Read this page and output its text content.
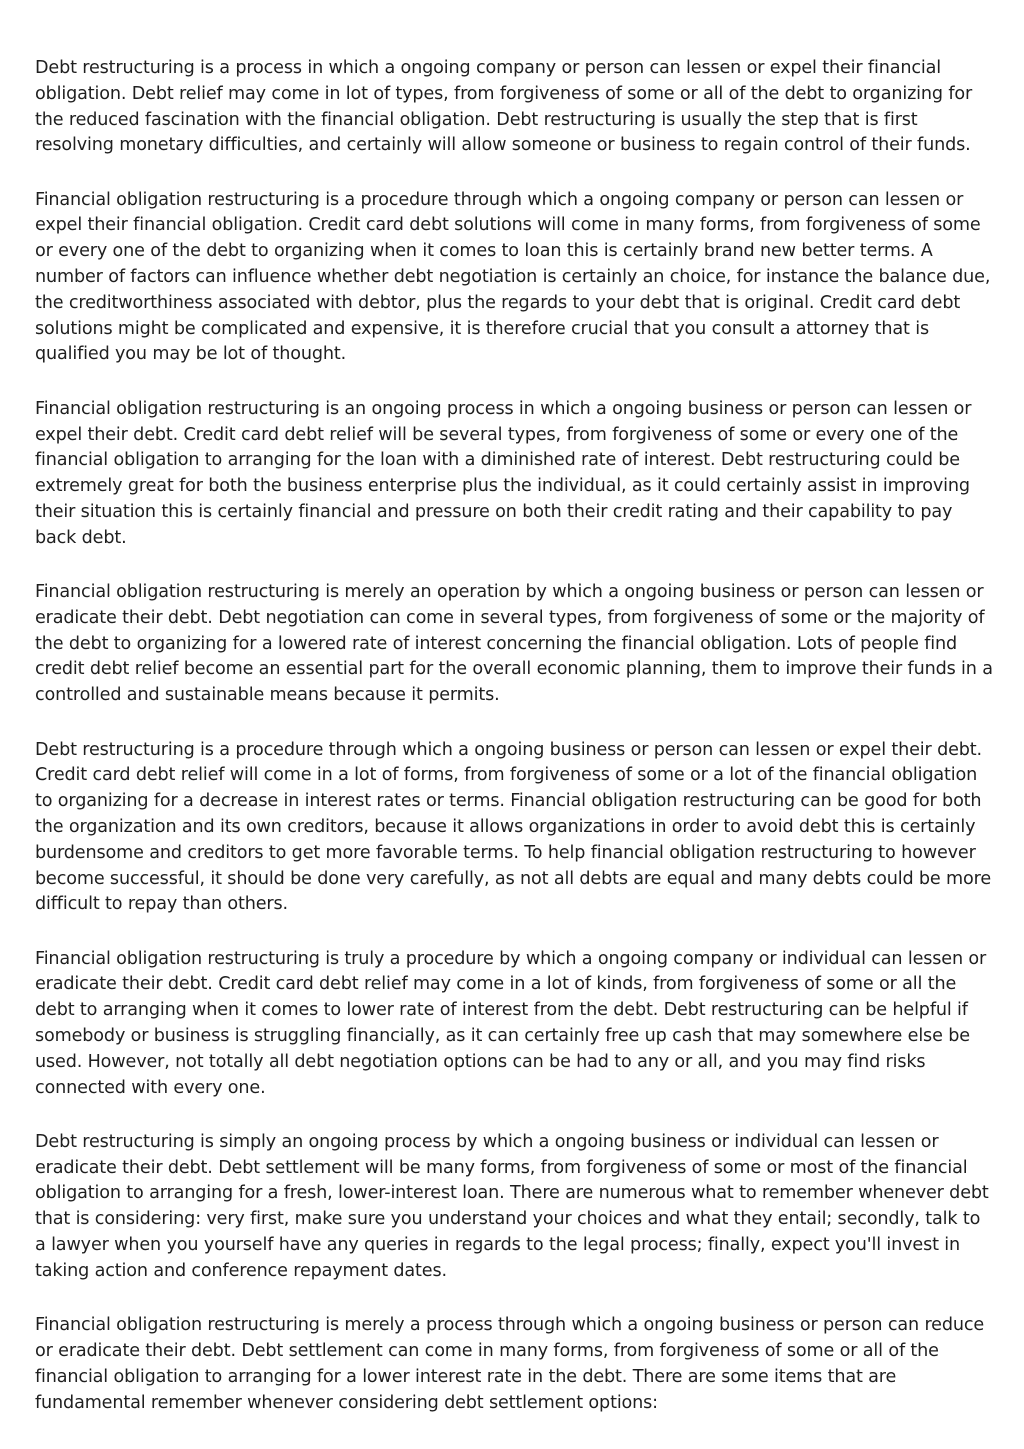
Debt restructuring is a process in which a ongoing company or person can lessen or expel their financial obligation. Debt relief may come in lot of types, from forgiveness of some or all of the debt to organizing for the reduced fascination with the financial obligation. Debt restructuring is usually the step that is first resolving monetary difficulties, and certainly will allow someone or business to regain control of their funds.

Financial obligation restructuring is a procedure through which a ongoing company or person can lessen or expel their financial obligation. Credit card debt solutions will come in many forms, from forgiveness of some or every one of the debt to organizing when it comes to loan this is certainly brand new better terms. A number of factors can influence whether debt negotiation is certainly an choice, for instance the balance due, the creditworthiness associated with debtor, plus the regards to your debt that is original. Credit card debt solutions might be complicated and expensive, it is therefore crucial that you consult a attorney that is qualified you may be lot of thought.

Financial obligation restructuring is an ongoing process in which a ongoing business or person can lessen or expel their debt. Credit card debt relief will be several types, from forgiveness of some or every one of the financial obligation to arranging for the loan with a diminished rate of interest. Debt restructuring could be extremely great for both the business enterprise plus the individual, as it could certainly assist in improving their situation this is certainly financial and pressure on both their credit rating and their capability to pay back debt.

Financial obligation restructuring is merely an operation by which a ongoing business or person can lessen or eradicate their debt. Debt negotiation can come in several types, from forgiveness of some or the majority of the debt to organizing for a lowered rate of interest concerning the financial obligation. Lots of people find credit debt relief become an essential part for the overall economic planning, them to improve their funds in a controlled and sustainable means because it permits.

Debt restructuring is a procedure through which a ongoing business or person can lessen or expel their debt. Credit card debt relief will come in a lot of forms, from forgiveness of some or a lot of the financial obligation to organizing for a decrease in interest rates or terms. Financial obligation restructuring can be good for both the organization and its own creditors, because it allows organizations in order to avoid debt this is certainly burdensome and creditors to get more favorable terms. To help financial obligation restructuring to however become successful, it should be done very carefully, as not all debts are equal and many debts could be more difficult to repay than others.

Financial obligation restructuring is truly a procedure by which a ongoing company or individual can lessen or eradicate their debt. Credit card debt relief may come in a lot of kinds, from forgiveness of some or all the debt to arranging when it comes to lower rate of interest from the debt. Debt restructuring can be helpful if somebody or business is struggling financially, as it can certainly free up cash that may somewhere else be used. However, not totally all debt negotiation options can be had to any or all, and you may find risks connected with every one.

Debt restructuring is simply an ongoing process by which a ongoing business or individual can lessen or eradicate their debt. Debt settlement will be many forms, from forgiveness of some or most of the financial obligation to arranging for a fresh, lower-interest loan. There are numerous what to remember whenever debt that is considering: very first, make sure you understand your choices and what they entail; secondly, talk to a lawyer when you yourself have any queries in regards to the legal process; finally, expect you'll invest in taking action and conference repayment dates.

Financial obligation restructuring is merely a process through which a ongoing business or person can reduce or eradicate their debt. Debt settlement can come in many forms, from forgiveness of some or all of the financial obligation to arranging for a lower interest rate in the debt. There are some items that are fundamental remember whenever considering debt settlement options:
